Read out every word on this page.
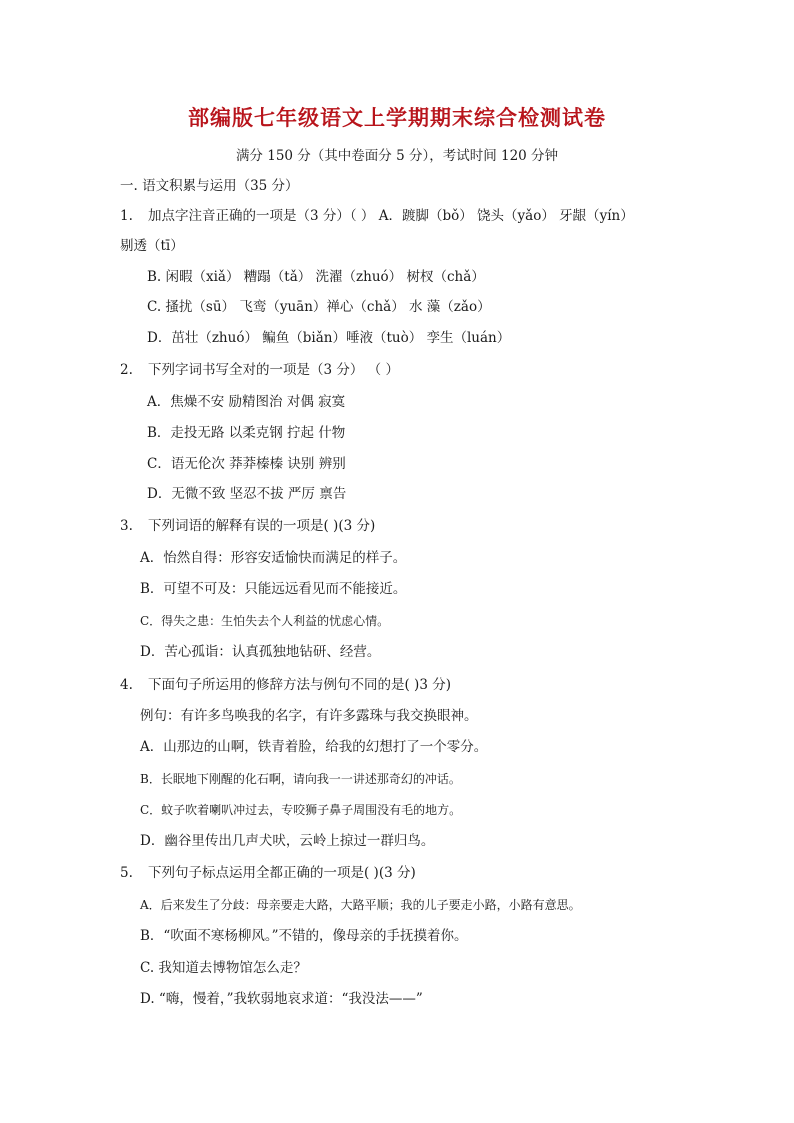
部编版七年级语文上学期期末综合检测试卷
满分 150 分（其中卷面分 5 分），考试时间 120 分钟
一. 语文积累与运用（35 分）
1. 加点字注音正确的一项是（3 分）（ ） A．踱脚（bǒ） 饶头（yǎo） 牙龈（yín）
剔透（tī）
B. 闲暇（xiǎ） 糟蹋（tǎ） 洗濯（zhuó） 树杈（chǎ）
C. 搔扰（sū） 飞鸾（yuān）禅心（chǎ） 水 藻（zǎo）
D．茁壮（zhuó） 鳊鱼（biǎn）唾液（tuò） 孪生（luán）
2. 下列字词书写全对的一项是（3 分） （ ）
A．焦燥不安 励精图治 对偶 寂寞
B．走投无路 以柔克钢 拧起 什物
C．语无伦次 莽莽榛榛 诀别 辨别
D．无微不致 坚忍不拔 严厉 禀告
3. 下列词语的解释有误的一项是( )(3 分)
A．怡然自得：形容安适愉快而满足的样子。
B．可望不可及：只能远远看见而不能接近。
C．得失之患：生怕失去个人利益的忧虑心情。
D．苦心孤诣：认真孤独地钻研、经营。
4. 下面句子所运用的修辞方法与例句不同的是( )3 分)
例句：有许多鸟唤我的名字，有许多露珠与我交换眼神。
A．山那边的山啊，铁青着脸，给我的幻想打了一个零分。
B．长眠地下刚醒的化石啊，请向我一一讲述那奇幻的冲话。
C．蚊子吹着喇叭冲过去，专咬狮子鼻子周围没有毛的地方。
D．幽谷里传出几声犬吠，云岭上掠过一群归鸟。
5. 下列句子标点运用全都正确的一项是( )(3 分)
A．后来发生了分歧：母亲要走大路，大路平顺；我的儿子要走小路，小路有意思。
B．“吹面不寒杨柳风。”不错的，像母亲的手抚摸着你。
C. 我知道去博物馆怎么走？
D. “嗨，慢着，”我软弱地哀求道：“我没法——”
